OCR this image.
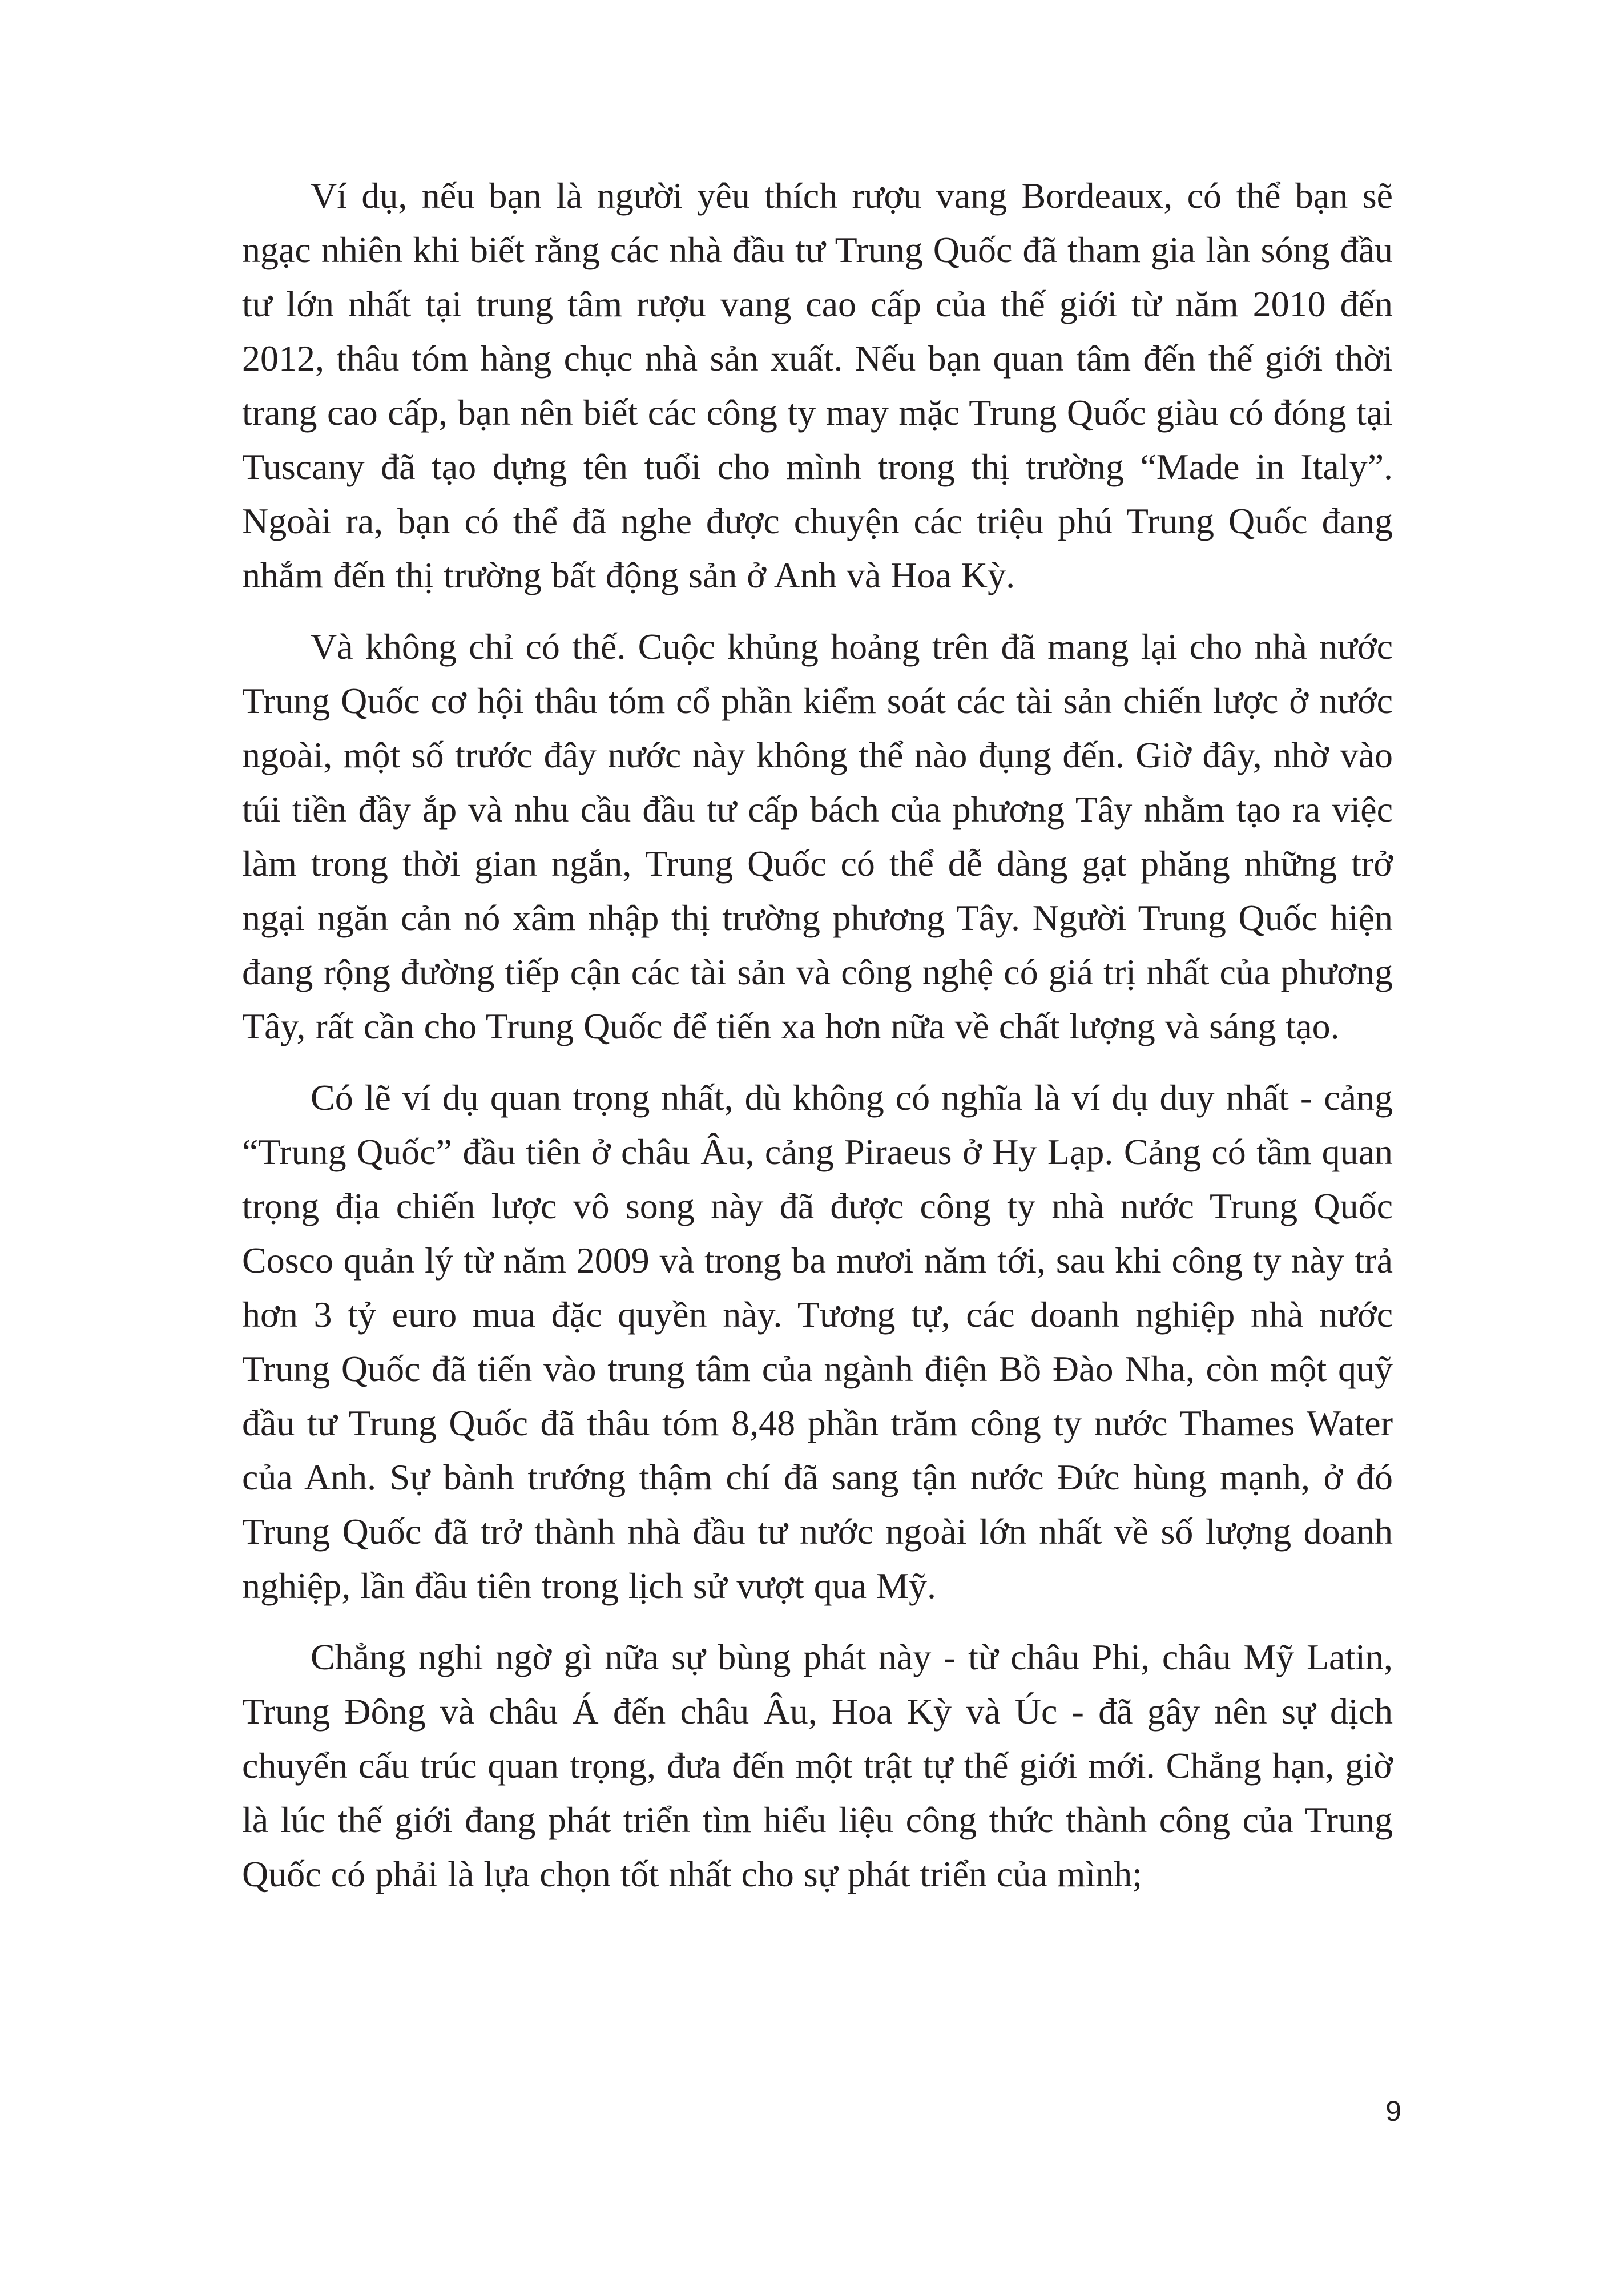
Ví dụ, nếu bạn là người yêu thích rượu vang Bordeaux, có thể bạn sẽ ngạc nhiên khi biết rằng các nhà đầu tư Trung Quốc đã tham gia làn sóng đầu tư lớn nhất tại trung tâm rượu vang cao cấp của thế giới từ năm 2010 đến 2012, thâu tóm hàng chục nhà sản xuất. Nếu bạn quan tâm đến thế giới thời trang cao cấp, bạn nên biết các công ty may mặc Trung Quốc giàu có đóng tại Tuscany đã tạo dựng tên tuổi cho mình trong thị trường “Made in Italy”. Ngoài ra, bạn có thể đã nghe được chuyện các triệu phú Trung Quốc đang nhắm đến thị trường bất động sản ở Anh và Hoa Kỳ.

Và không chỉ có thế. Cuộc khủng hoảng trên đã mang lại cho nhà nước Trung Quốc cơ hội thâu tóm cổ phần kiểm soát các tài sản chiến lược ở nước ngoài, một số trước đây nước này không thể nào đụng đến. Giờ đây, nhờ vào túi tiền đầy ắp và nhu cầu đầu tư cấp bách của phương Tây nhằm tạo ra việc làm trong thời gian ngắn, Trung Quốc có thể dễ dàng gạt phăng những trở ngại ngăn cản nó xâm nhập thị trường phương Tây. Người Trung Quốc hiện đang rộng đường tiếp cận các tài sản và công nghệ có giá trị nhất của phương Tây, rất cần cho Trung Quốc để tiến xa hơn nữa về chất lượng và sáng tạo.

Có lẽ ví dụ quan trọng nhất, dù không có nghĩa là ví dụ duy nhất - cảng “Trung Quốc” đầu tiên ở châu Âu, cảng Piraeus ở Hy Lạp. Cảng có tầm quan trọng địa chiến lược vô song này đã được công ty nhà nước Trung Quốc Cosco quản lý từ năm 2009 và trong ba mươi năm tới, sau khi công ty này trả hơn 3 tỷ euro mua đặc quyền này. Tương tự, các doanh nghiệp nhà nước Trung Quốc đã tiến vào trung tâm của ngành điện Bồ Đào Nha, còn một quỹ đầu tư Trung Quốc đã thâu tóm 8,48 phần trăm công ty nước Thames Water của Anh. Sự bành trướng thậm chí đã sang tận nước Đức hùng mạnh, ở đó Trung Quốc đã trở thành nhà đầu tư nước ngoài lớn nhất về số lượng doanh nghiệp, lần đầu tiên trong lịch sử vượt qua Mỹ.

Chẳng nghi ngờ gì nữa sự bùng phát này - từ châu Phi, châu Mỹ Latin, Trung Đông và châu Á đến châu Âu, Hoa Kỳ và Úc - đã gây nên sự dịch chuyển cấu trúc quan trọng, đưa đến một trật tự thế giới mới. Chẳng hạn, giờ là lúc thế giới đang phát triển tìm hiểu liệu công thức thành công của Trung Quốc có phải là lựa chọn tốt nhất cho sự phát triển của mình;

9
